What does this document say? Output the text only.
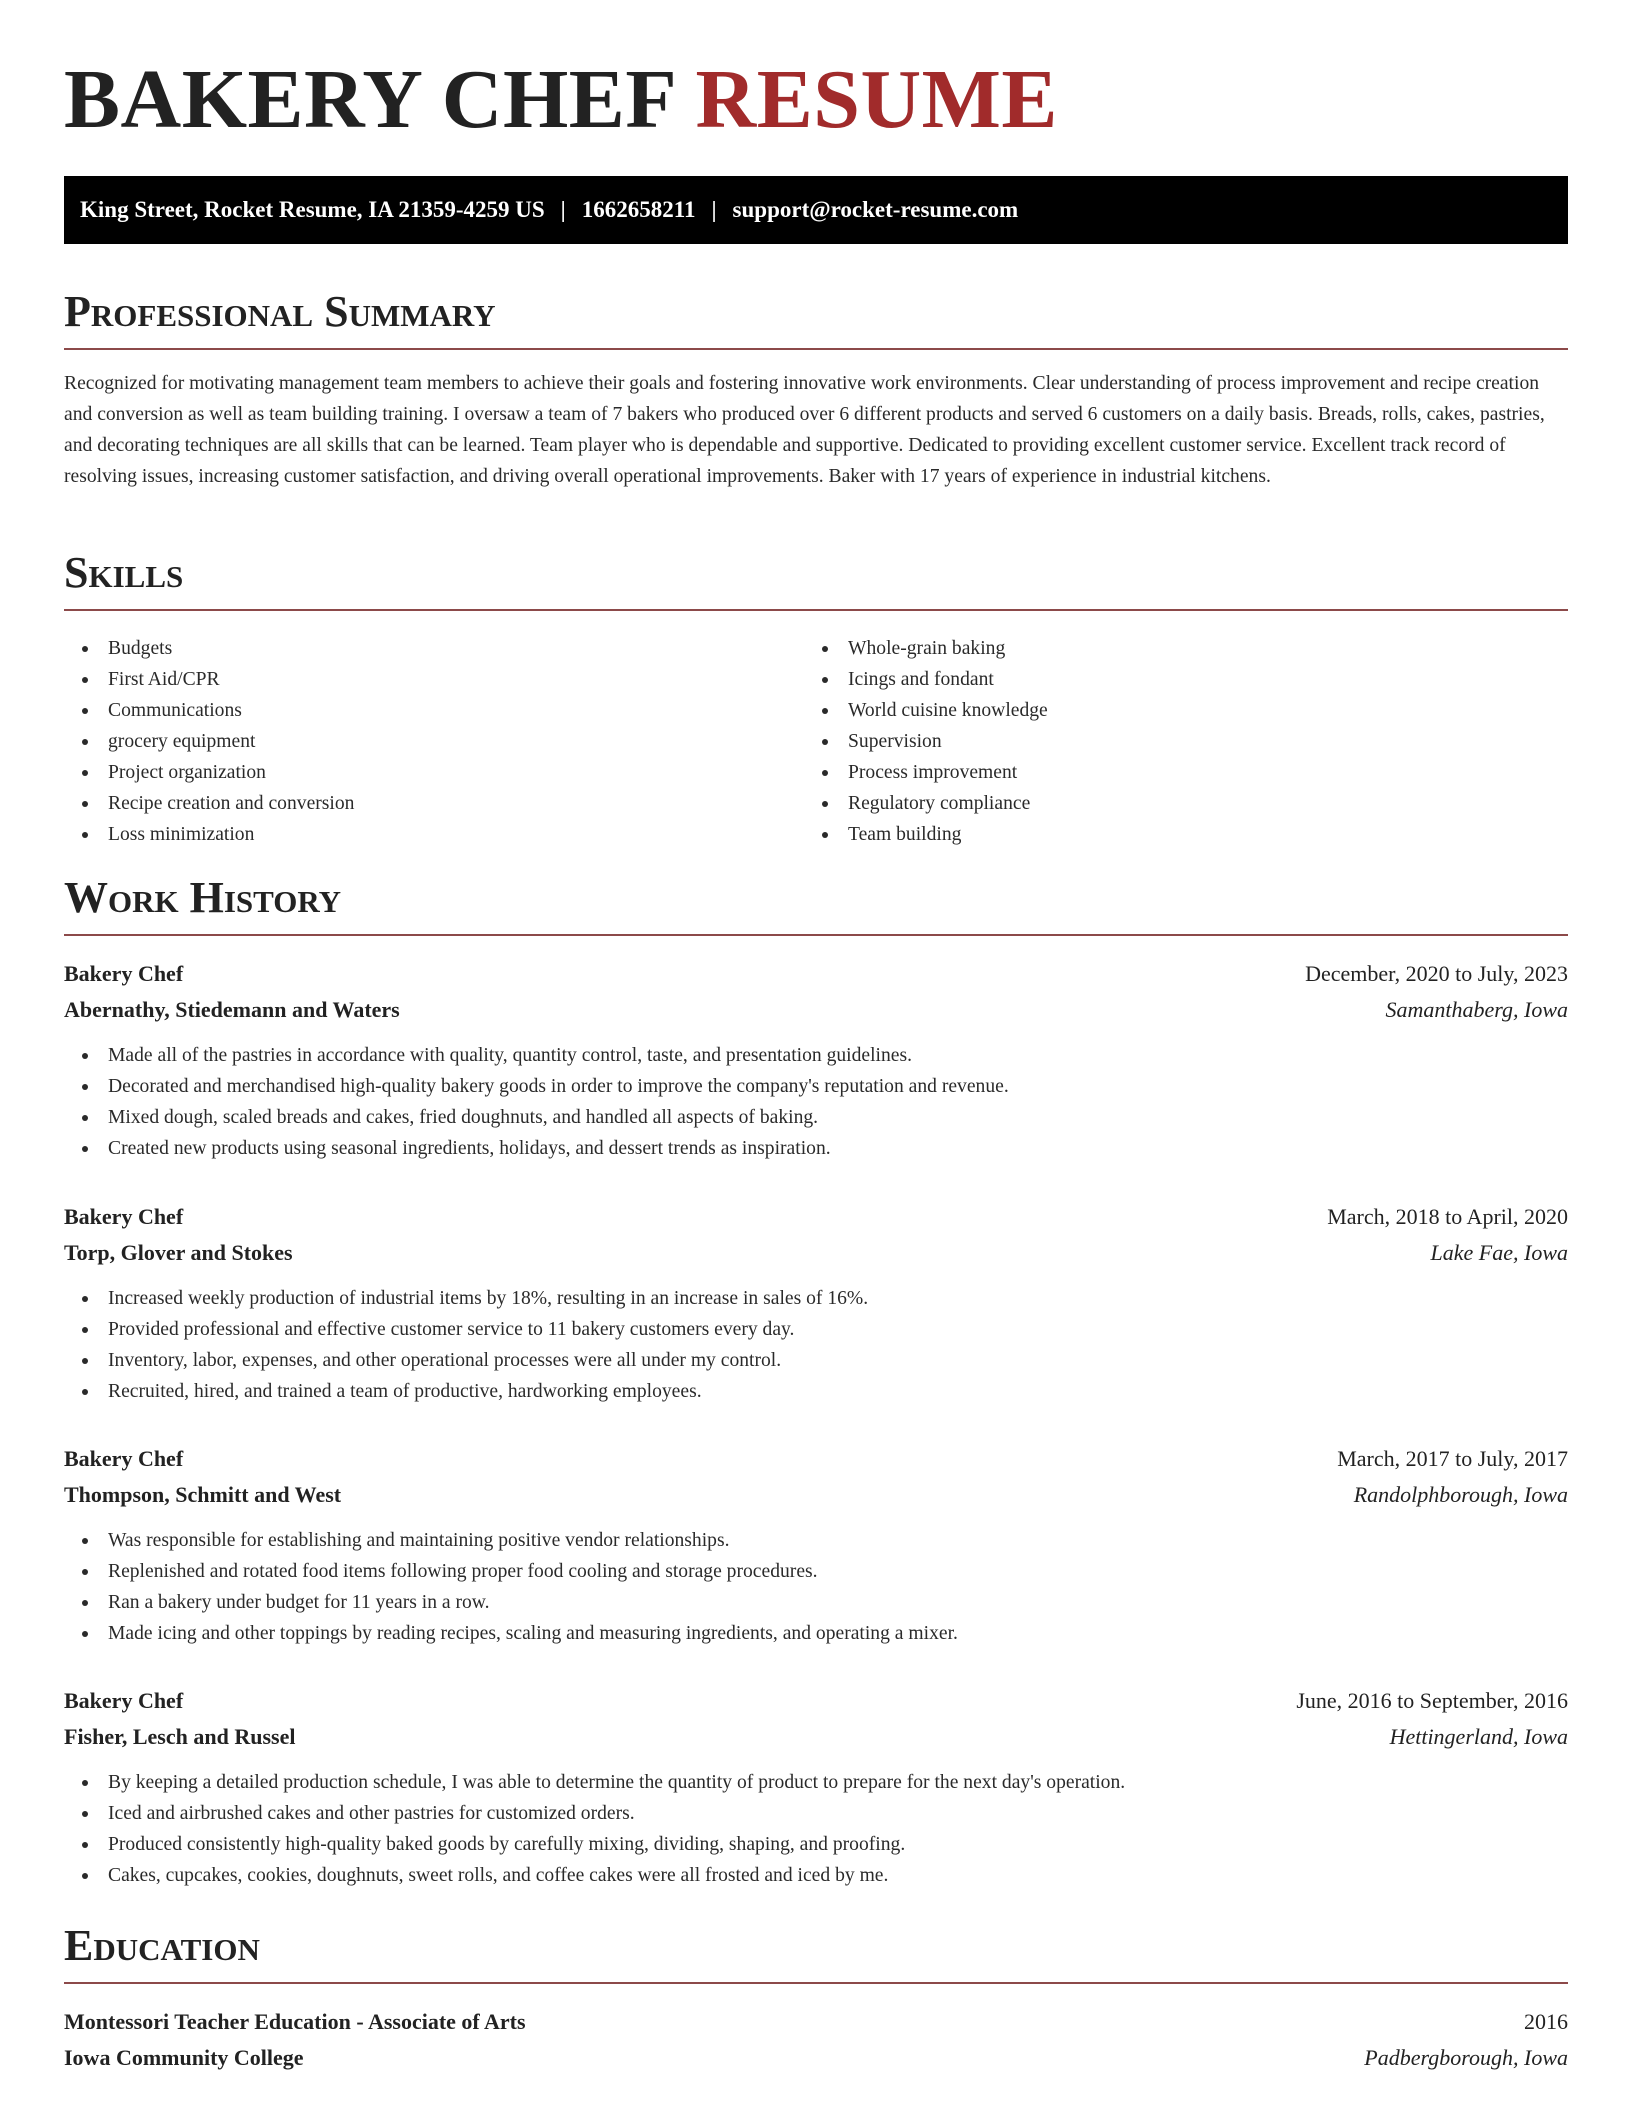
BAKERY CHEF RESUME
King Street, Rocket Resume, IA 21359-4259 US | 1662658211 | support@rocket-resume.com
Professional Summary

Recognized for motivating management team members to achieve their goals and fostering innovative work environments. Clear understanding of process improvement and recipe creation and conversion as well as team building training. I oversaw a team of 7 bakers who produced over 6 different products and served 6 customers on a daily basis. Breads, rolls, cakes, pastries, and decorating techniques are all skills that can be learned. Team player who is dependable and supportive. Dedicated to providing excellent customer service. Excellent track record of resolving issues, increasing customer satisfaction, and driving overall operational improvements. Baker with 17 years of experience in industrial kitchens.

Skills
Budgets
First Aid/CPR
Communications
grocery equipment
Project organization
Recipe creation and conversion
Loss minimization
Whole-grain baking
Icings and fondant
World cuisine knowledge
Supervision
Process improvement
Regulatory compliance
Team building
Work History
Bakery Chef	December, 2020 to July, 2023
Abernathy, Stiedemann and Waters	Samanthaberg, Iowa
Made all of the pastries in accordance with quality, quantity control, taste, and presentation guidelines.
Decorated and merchandised high-quality bakery goods in order to improve the company's reputation and revenue.
Mixed dough, scaled breads and cakes, fried doughnuts, and handled all aspects of baking.
Created new products using seasonal ingredients, holidays, and dessert trends as inspiration.
Bakery Chef	March, 2018 to April, 2020
Torp, Glover and Stokes	Lake Fae, Iowa
Increased weekly production of industrial items by 18%, resulting in an increase in sales of 16%.
Provided professional and effective customer service to 11 bakery customers every day.
Inventory, labor, expenses, and other operational processes were all under my control.
Recruited, hired, and trained a team of productive, hardworking employees.
Bakery Chef	March, 2017 to July, 2017
Thompson, Schmitt and West	Randolphborough, Iowa
Was responsible for establishing and maintaining positive vendor relationships.
Replenished and rotated food items following proper food cooling and storage procedures.
Ran a bakery under budget for 11 years in a row.
Made icing and other toppings by reading recipes, scaling and measuring ingredients, and operating a mixer.
Bakery Chef	June, 2016 to September, 2016
Fisher, Lesch and Russel	Hettingerland, Iowa
By keeping a detailed production schedule, I was able to determine the quantity of product to prepare for the next day's operation.
Iced and airbrushed cakes and other pastries for customized orders.
Produced consistently high-quality baked goods by carefully mixing, dividing, shaping, and proofing.
Cakes, cupcakes, cookies, doughnuts, sweet rolls, and coffee cakes were all frosted and iced by me.
Education
Montessori Teacher Education - Associate of Arts	2016
Iowa Community College	Padbergborough, Iowa
